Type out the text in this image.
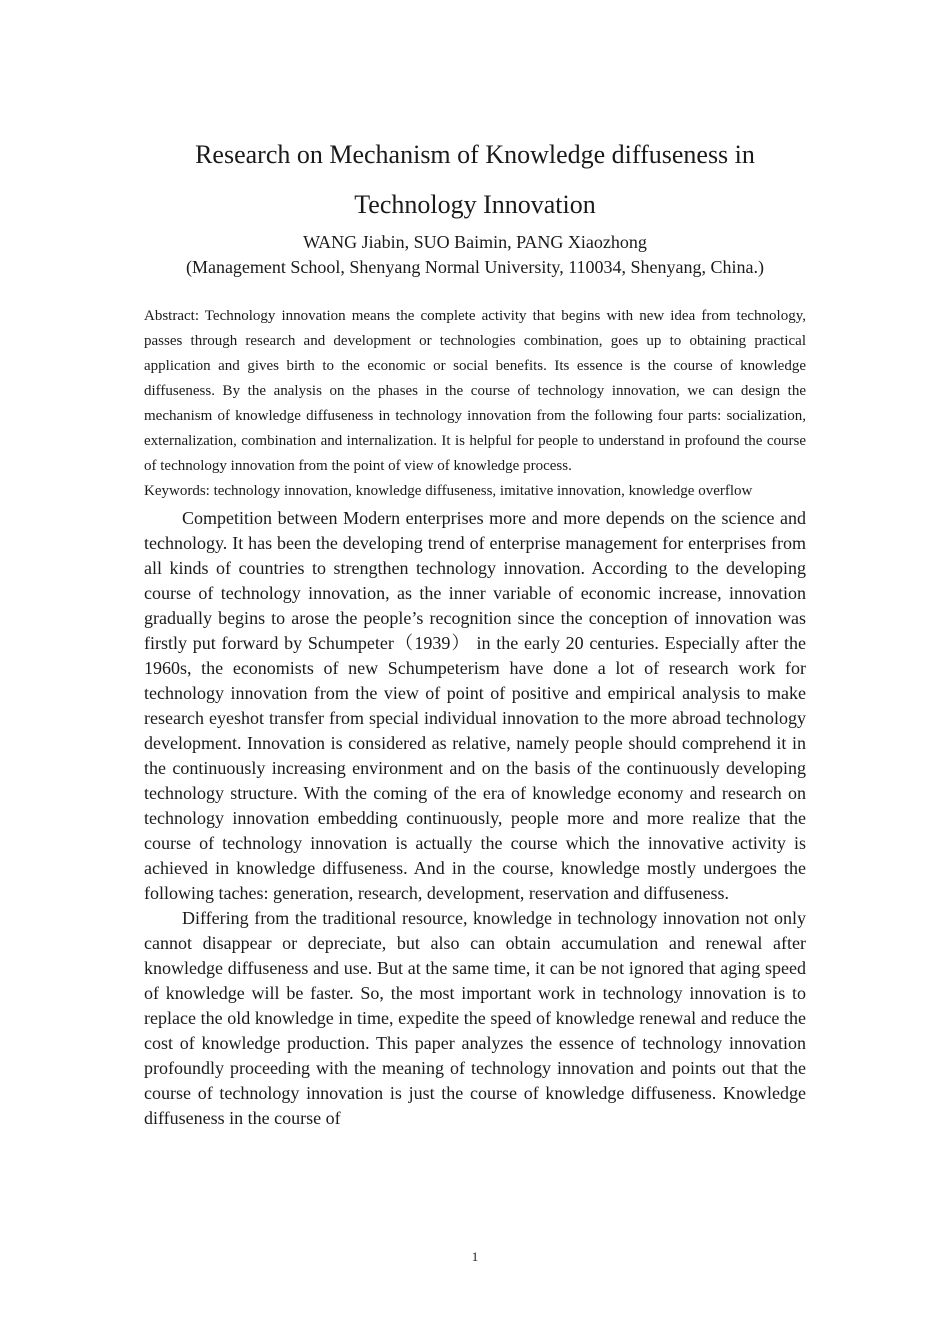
Research on Mechanism of Knowledge diffuseness in
Technology Innovation

WANG Jiabin, SUO Baimin, PANG Xiaozhong

(Management School, Shenyang Normal University, 110034, Shenyang, China.)

Abstract: Technology innovation means the complete activity that begins with new idea from technology, passes through research and development or technologies combination, goes up to obtaining practical application and gives birth to the economic or social benefits. Its essence is the course of knowledge diffuseness. By the analysis on the phases in the course of technology innovation, we can design the mechanism of knowledge diffuseness in technology innovation from the following four parts: socialization, externalization, combination and internalization. It is helpful for people to understand in profound the course of technology innovation from the point of view of knowledge process.

Keywords: technology innovation, knowledge diffuseness, imitative innovation, knowledge overflow

Competition between Modern enterprises more and more depends on the science and technology. It has been the developing trend of enterprise management for enterprises from all kinds of countries to strengthen technology innovation. According to the developing course of technology innovation, as the inner variable of economic increase, innovation gradually begins to arose the people’s recognition since the conception of innovation was firstly put forward by Schumpeter（1939） in the early 20 centuries. Especially after the 1960s, the economists of new Schumpeterism have done a lot of research work for technology innovation from the view of point of positive and empirical analysis to make research eyeshot transfer from special individual innovation to the more abroad technology development. Innovation is considered as relative, namely people should comprehend it in the continuously increasing environment and on the basis of the continuously developing technology structure. With the coming of the era of knowledge economy and research on technology innovation embedding continuously, people more and more realize that the course of technology innovation is actually the course which the innovative activity is achieved in knowledge diffuseness. And in the course, knowledge mostly undergoes the following taches: generation, research, development, reservation and diffuseness.

Differing from the traditional resource, knowledge in technology innovation not only cannot disappear or depreciate, but also can obtain accumulation and renewal after knowledge diffuseness and use. But at the same time, it can be not ignored that aging speed of knowledge will be faster. So, the most important work in technology innovation is to replace the old knowledge in time, expedite the speed of knowledge renewal and reduce the cost of knowledge production. This paper analyzes the essence of technology innovation profoundly proceeding with the meaning of technology innovation and points out that the course of technology innovation is just the course of knowledge diffuseness. Knowledge diffuseness in the course of

1
